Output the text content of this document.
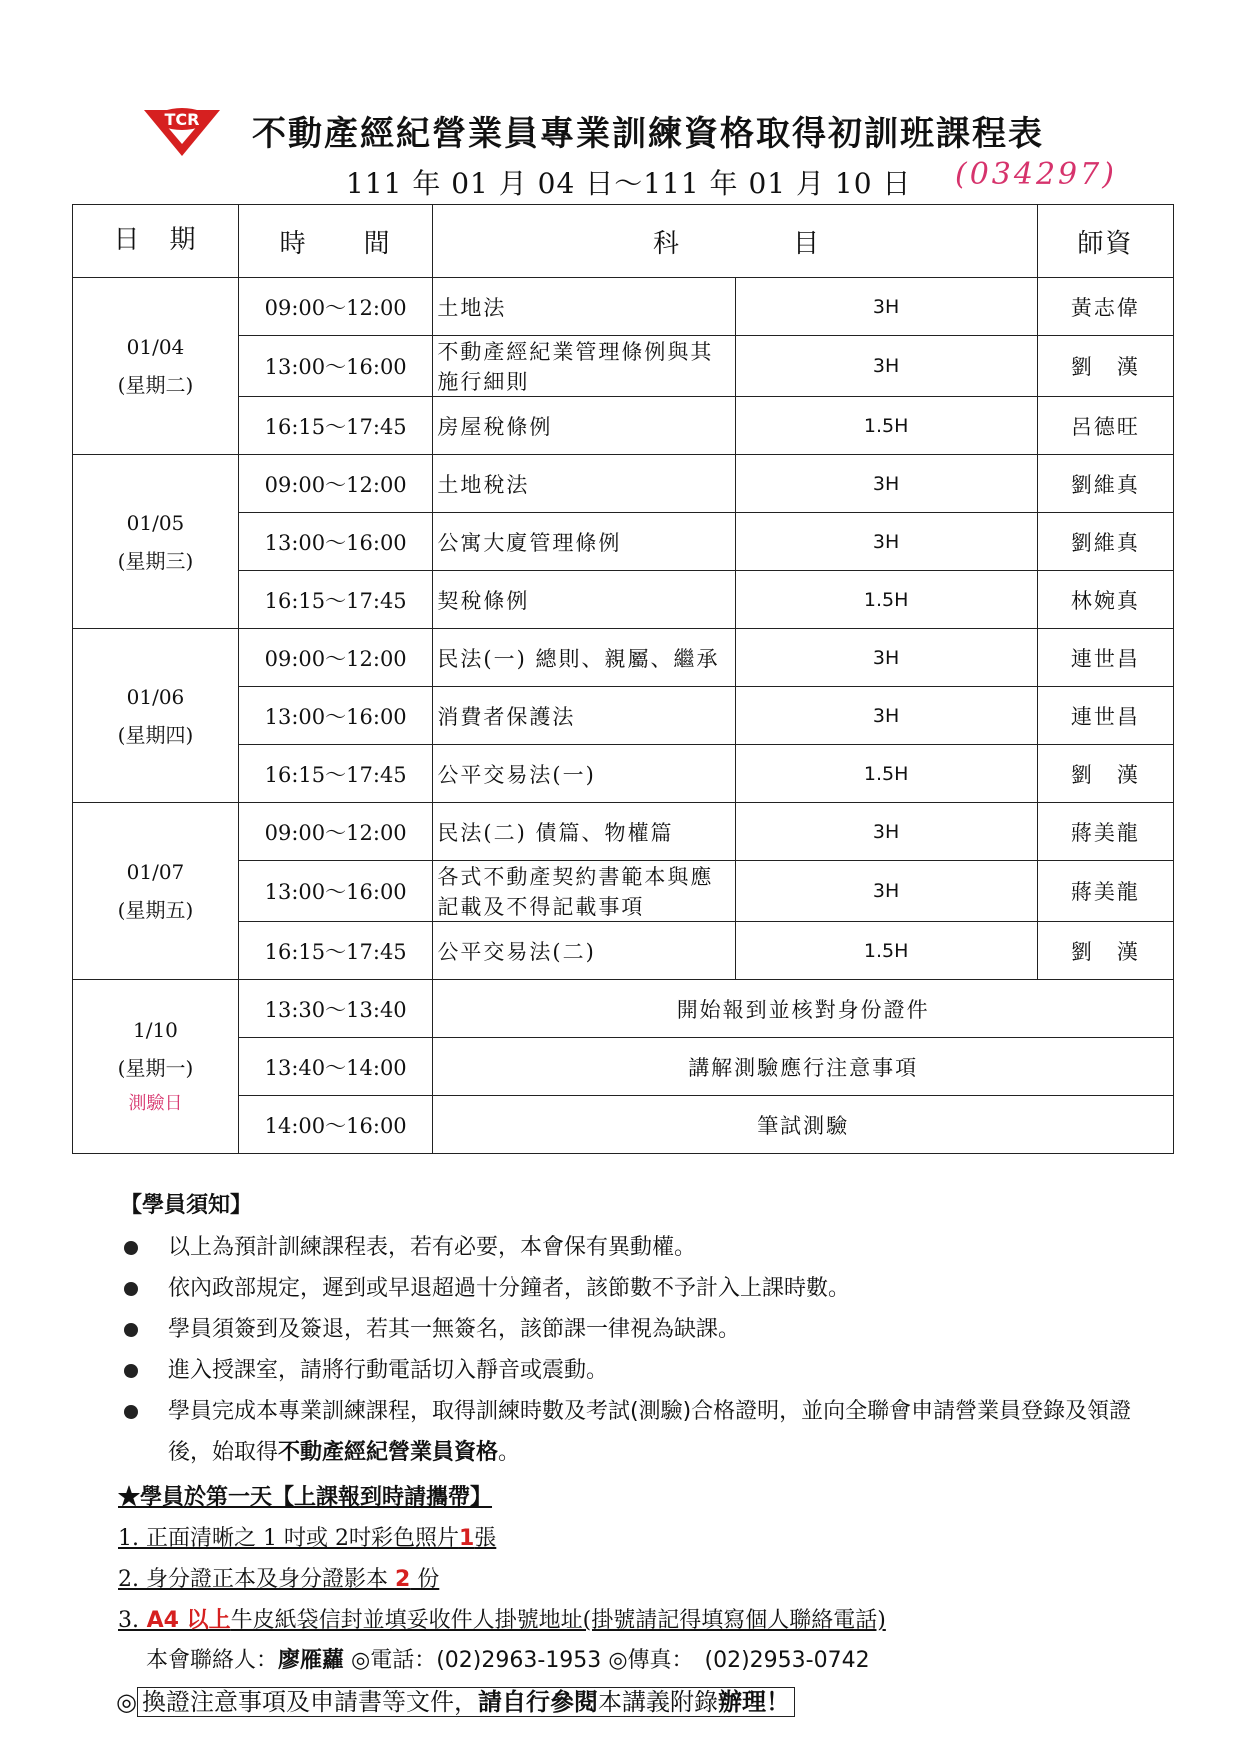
TCR 不動產經紀營業員專業訓練資格取得初訓班課程表
111 年 01 月 04 日～111 年 01 月 10 日 (034297)
日　期	時　　間	科　　　　目		師資

01/04
(星期二)	09:00～12:00	土地法	3H	黃志偉
	13:00～16:00	不動產經紀業管理條例與其施行細則	3H	劉　漢
	16:15～17:45	房屋稅條例	1.5H	呂德旺

01/05
(星期三)	09:00～12:00	土地稅法	3H	劉維真
	13:00～16:00	公寓大廈管理條例	3H	劉維真
	16:15～17:45	契稅條例	1.5H	林婉真

01/06
(星期四)	09:00～12:00	民法(一) 總則、親屬、繼承	3H	連世昌
	13:00～16:00	消費者保護法	3H	連世昌
	16:15～17:45	公平交易法(一)	1.5H	劉　漢

01/07
(星期五)	09:00～12:00	民法(二) 債篇、物權篇	3H	蔣美龍
	13:00～16:00	各式不動產契約書範本與應記載及不得記載事項	3H	蔣美龍
	16:15～17:45	公平交易法(二)	1.5H	劉　漢

1/10
(星期一)
測驗日	13:30～13:40	開始報到並核對身份證件		
	13:40～14:00	講解測驗應行注意事項		
	14:00～16:00	筆試測驗		
【學員須知】
以上為預計訓練課程表，若有必要，本會保有異動權。
依內政部規定，遲到或早退超過十分鐘者，該節數不予計入上課時數。
學員須簽到及簽退，若其一無簽名，該節課一律視為缺課。
進入授課室，請將行動電話切入靜音或震動。
學員完成本專業訓練課程，取得訓練時數及考試(測驗)合格證明，並向全聯會申請營業員登錄及領證後，始取得不動產經紀營業員資格。
★學員於第一天【上課報到時請攜帶】
1. 正面清晰之 1 吋或 2吋彩色照片1張
2. 身分證正本及身分證影本 2 份
3. A4 以上牛皮紙袋信封並填妥收件人掛號地址(掛號請記得填寫個人聯絡電話)
本會聯絡人：廖雁蘿 ◎電話：(02)2963-1953 ◎傳真：　(02)2953-0742
◎ 換證注意事項及申請書等文件，請自行參閱本講義附錄辦理！
